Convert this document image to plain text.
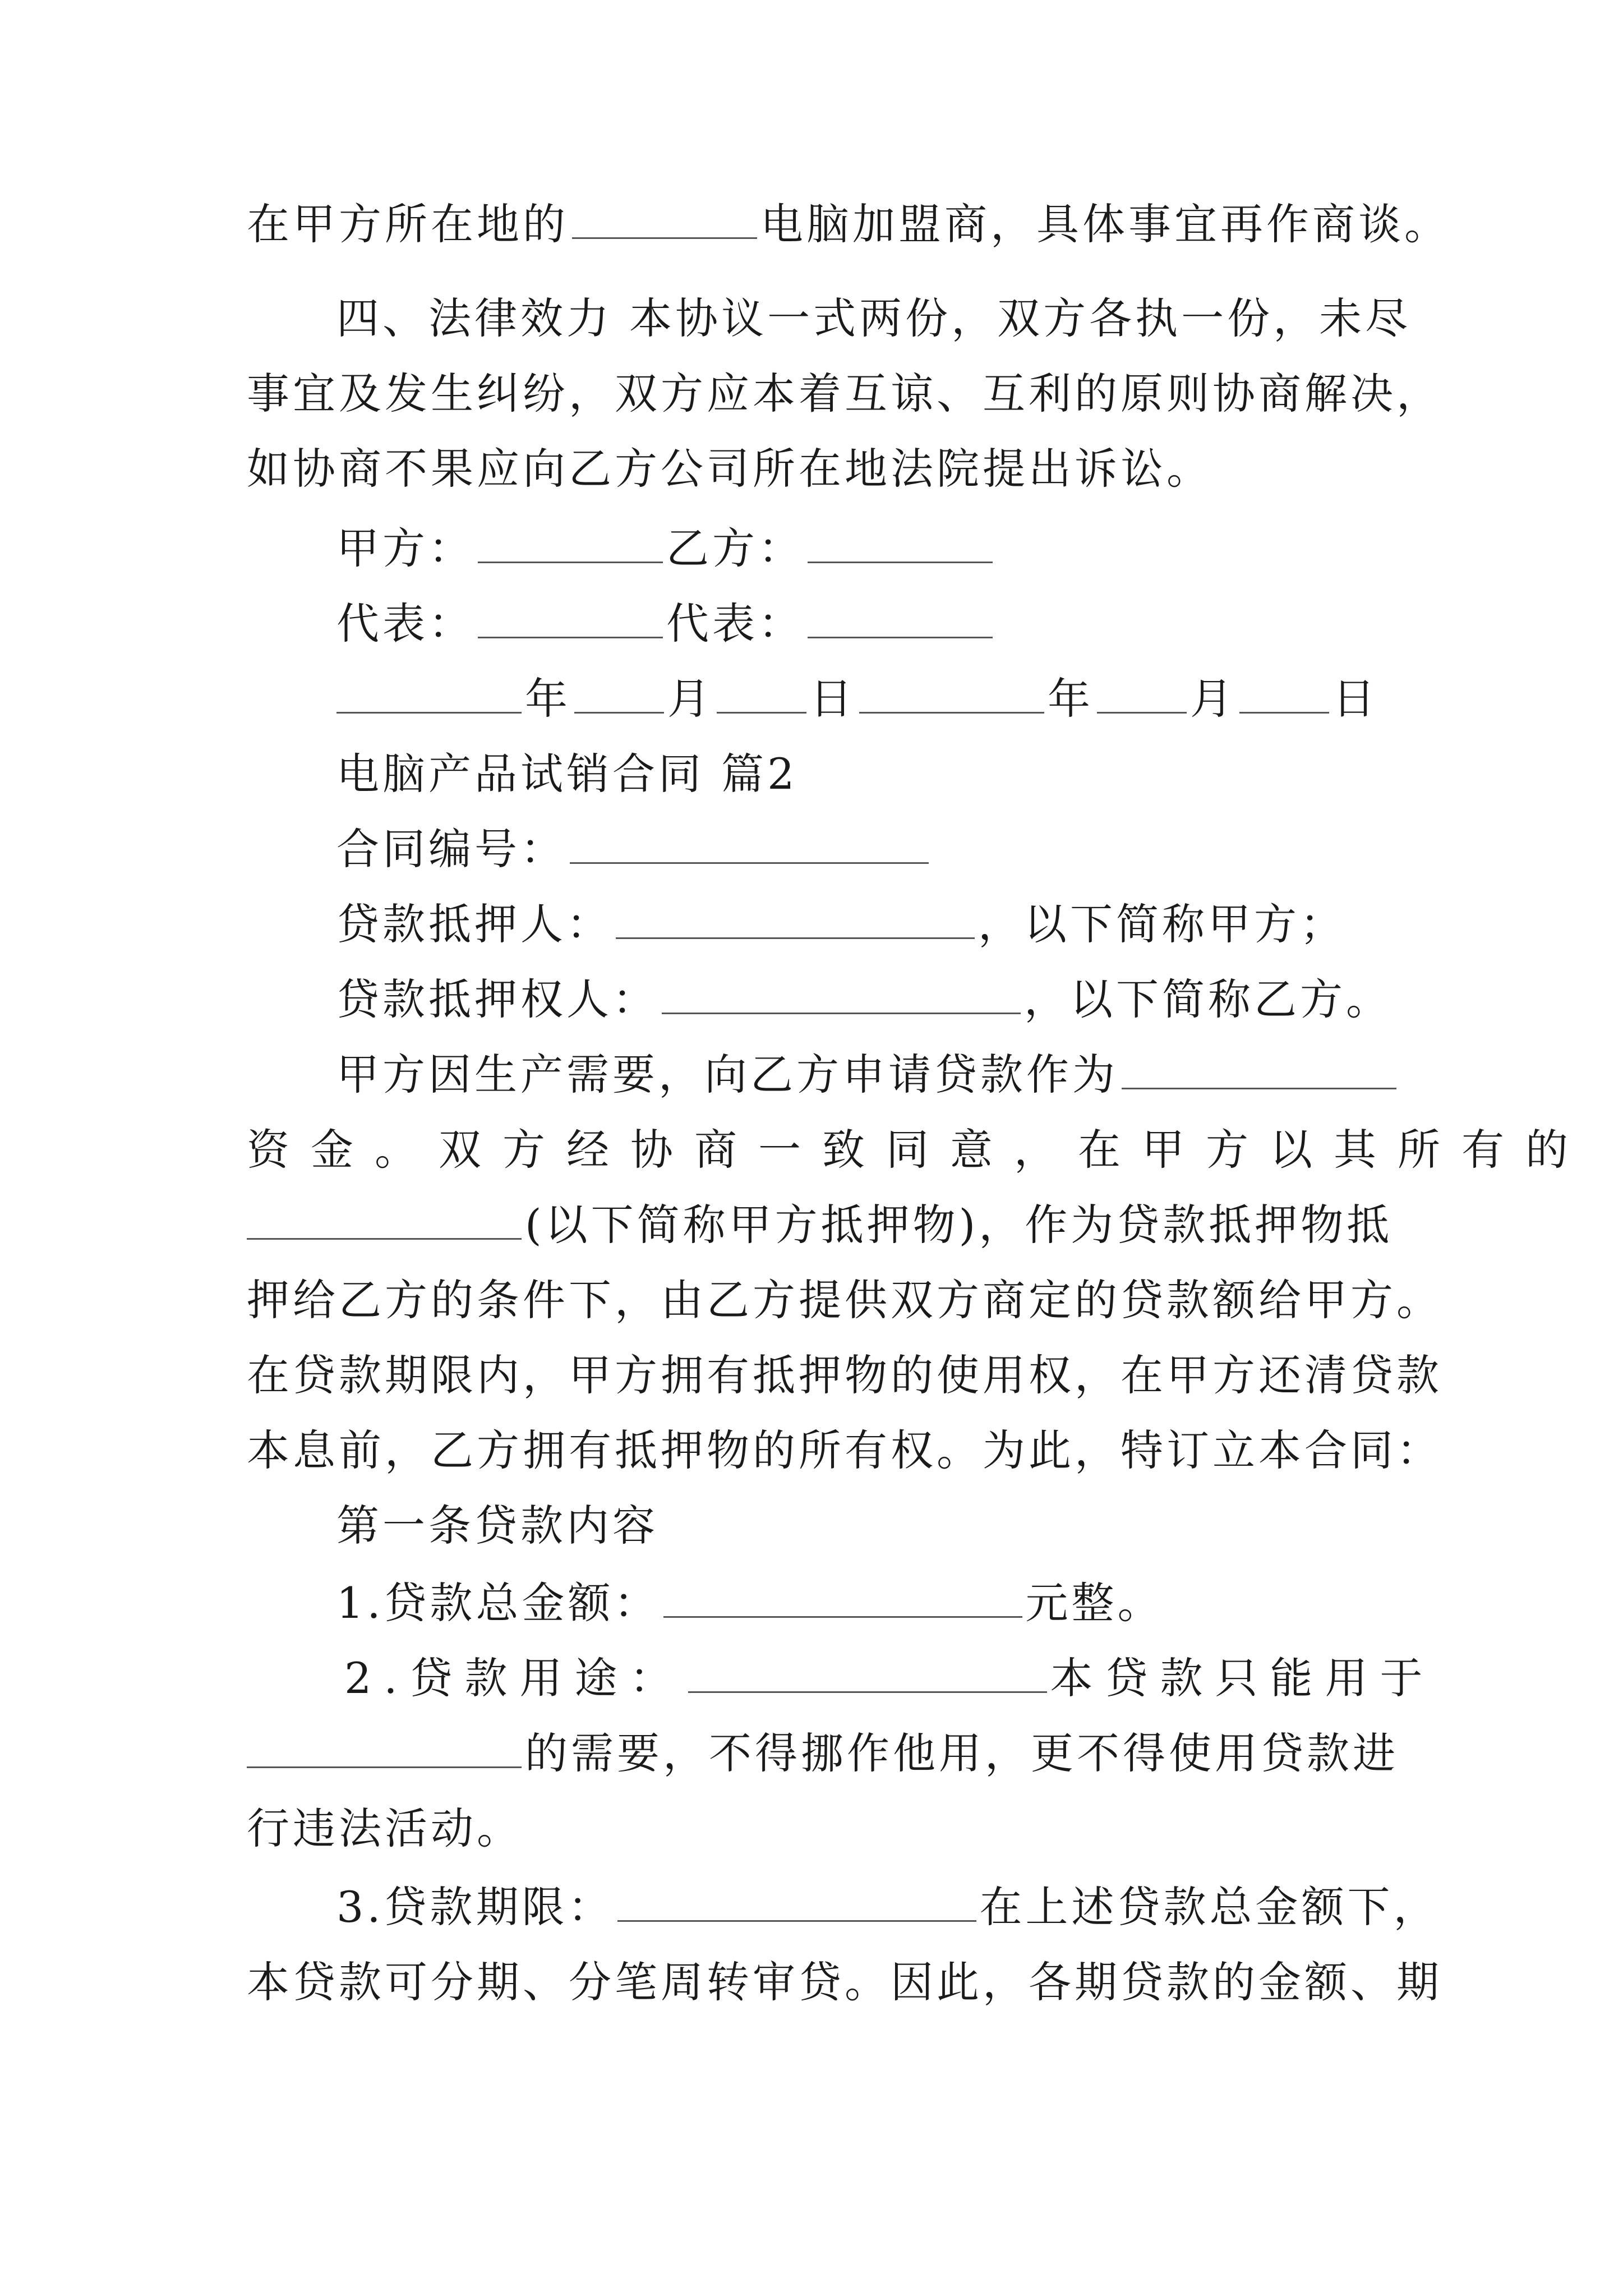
在甲方所在地的	电脑加盟商，具体事宜再作商谈。
四、法律效力 本协议一式两份，双方各执一份，未尽
事宜及发生纠纷，双方应本着互谅、互利的原则协商解决，
如协商不果应向乙方公司所在地法院提出诉讼。
甲方：	乙方：
代表：	代表：
年 月 日	年 月 日
电脑产品试销合同 篇2
合同编号：
贷款抵押人：	，以下简称甲方；
贷款抵押权人：	，以下简称乙方。
甲方因生产需要，向乙方申请贷款作为
资金。双方经协商一致同意，在甲方以其所有的
(以下简称甲方抵押物)，作为贷款抵押物抵
押给乙方的条件下，由乙方提供双方商定的贷款额给甲方。
在贷款期限内，甲方拥有抵押物的使用权，在甲方还清贷款
本息前，乙方拥有抵押物的所有权。为此，特订立本合同：
第一条贷款内容
1.贷款总金额：	元整。
2.贷款用途：	本贷款只能用于
的需要，不得挪作他用，更不得使用贷款进
行违法活动。
3.贷款期限：	在上述贷款总金额下，
本贷款可分期、分笔周转审贷。因此，各期贷款的金额、期
